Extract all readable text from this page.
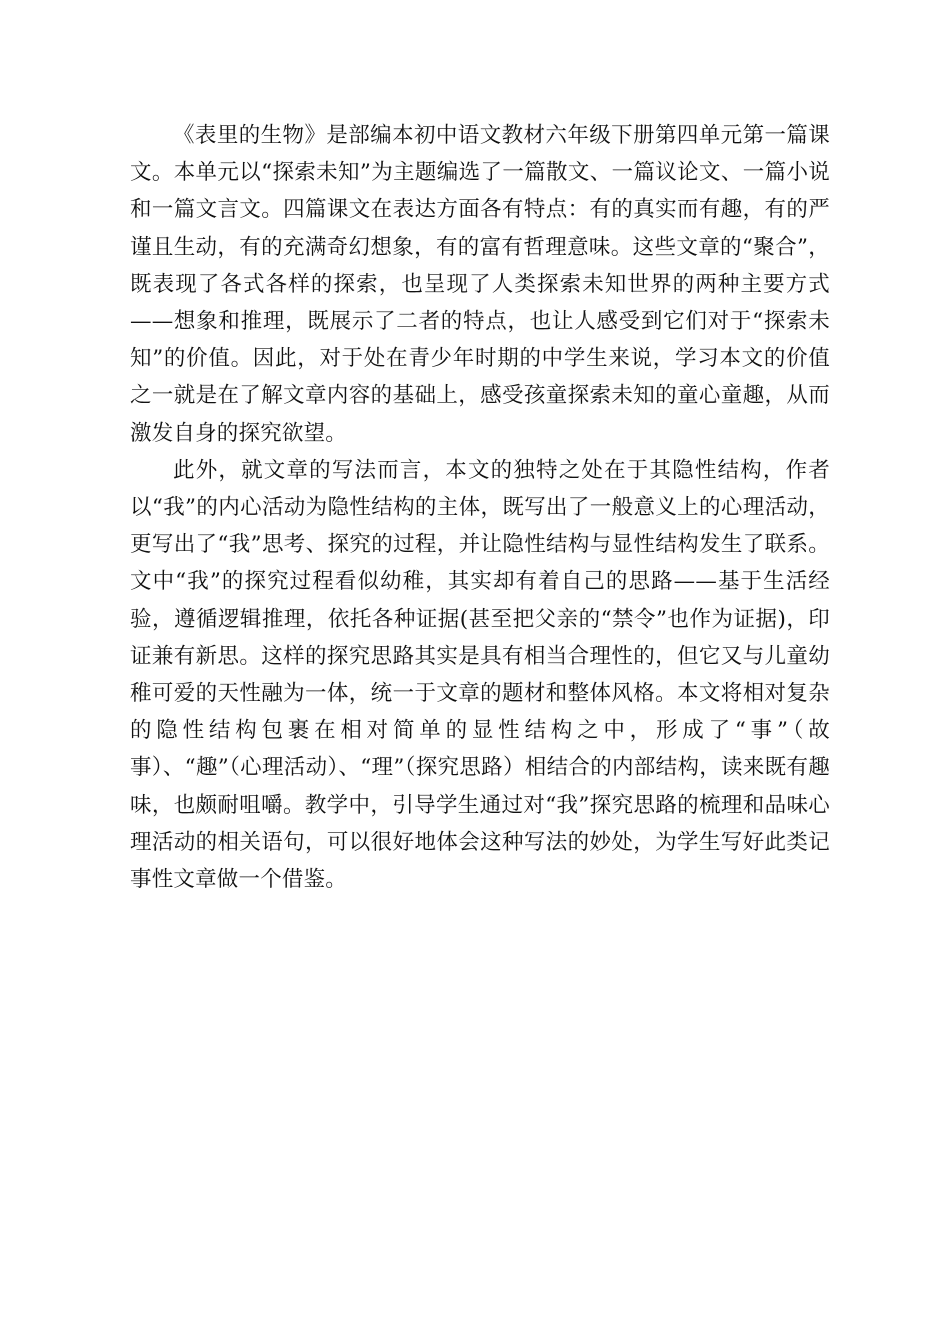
《表里的生物》是部编本初中语文教材六年级下册第四单元第一篇课文。本单元以“探索未知”为主题编选了一篇散文、一篇议论文、一篇小说和一篇文言文。四篇课文在表达方面各有特点：有的真实而有趣，有的严谨且生动，有的充满奇幻想象，有的富有哲理意味。这些文章的“聚合”，既表现了各式各样的探索，也呈现了人类探索未知世界的两种主要方式——想象和推理，既展示了二者的特点，也让人感受到它们对于“探索未知”的价值。因此，对于处在青少年时期的中学生来说，学习本文的价值之一就是在了解文章内容的基础上，感受孩童探索未知的童心童趣，从而激发自身的探究欲望。

此外，就文章的写法而言，本文的独特之处在于其隐性结构，作者以“我”的内心活动为隐性结构的主体，既写出了一般意义上的心理活动，更写出了“我”思考、探究的过程，并让隐性结构与显性结构发生了联系。文中“我”的探究过程看似幼稚，其实却有着自己的思路——基于生活经验，遵循逻辑推理，依托各种证据(甚至把父亲的“禁令”也作为证据)，印证兼有新思。这样的探究思路其实是具有相当合理性的，但它又与儿童幼稚可爱的天性融为一体，统一于文章的题材和整体风格。本文将相对复杂的隐性结构包裹在相对简单的显性结构之中，形成了“事”（故事）、“趣”（心理活动）、“理”（探究思路）相结合的内部结构，读来既有趣味，也颇耐咀嚼。教学中，引导学生通过对“我”探究思路的梳理和品味心理活动的相关语句，可以很好地体会这种写法的妙处，为学生写好此类记事性文章做一个借鉴。
